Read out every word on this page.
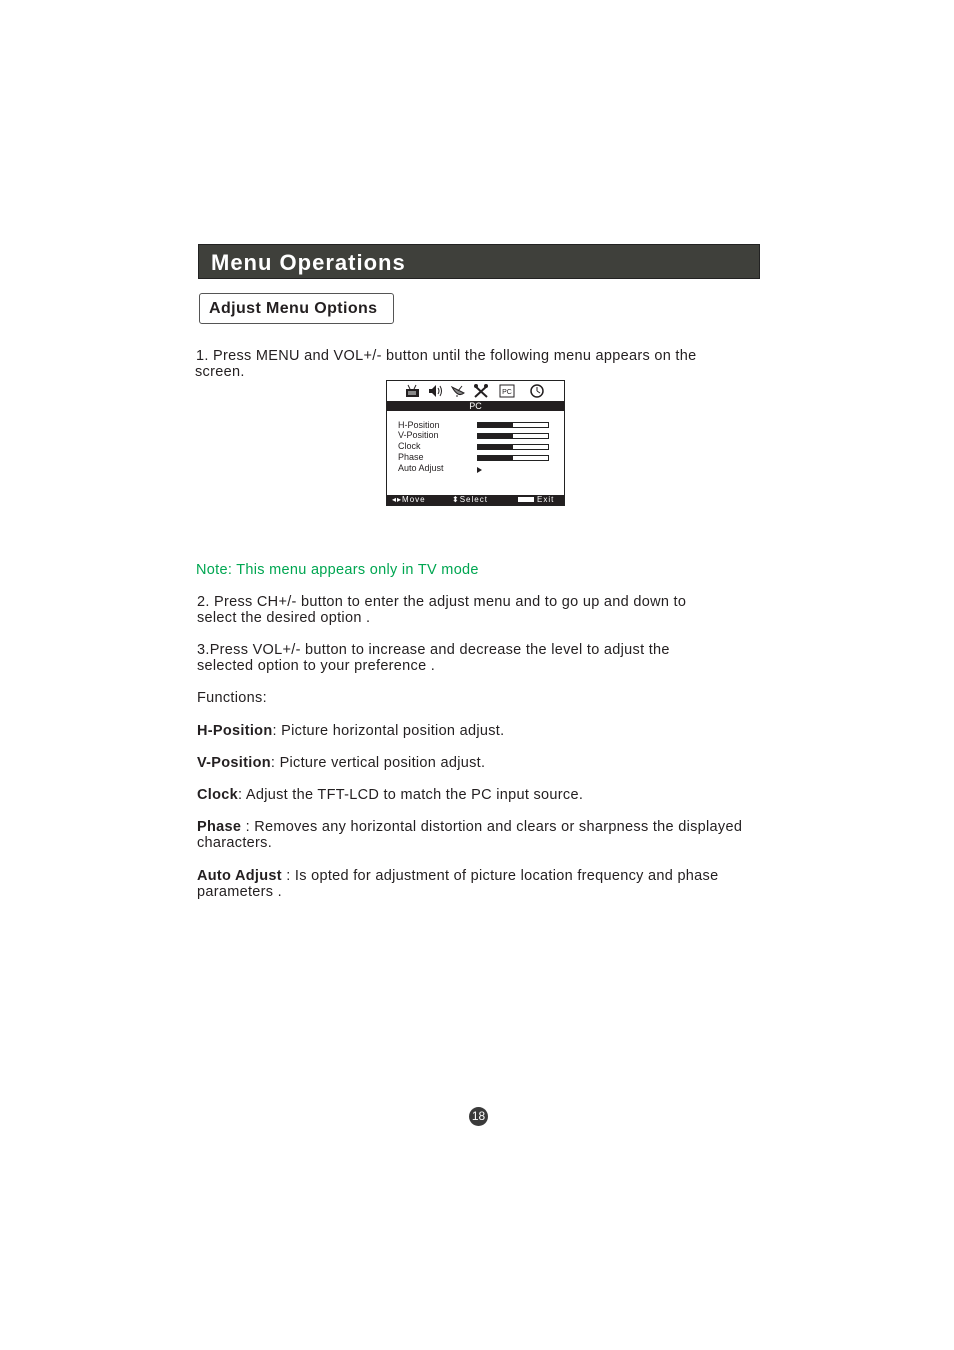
Menu Operations
Adjust Menu Options
1. Press MENU and VOL+/- button until the following menu appears on the
screen.
PC
PC
H-Position
V-Position
Clock
Phase
Auto Adjust
◂▸Move	⬍Select	Exit
Note: This menu appears only in TV mode
2. Press CH+/- button to enter the adjust menu and to go up and down to
select the desired option .
3.Press VOL+/- button to increase and decrease the level to adjust the
selected option to your preference .
Functions:
H-Position: Picture horizontal position adjust.
V-Position: Picture vertical position adjust.
Clock: Adjust the TFT-LCD to match the PC input source.
Phase : Removes any horizontal distortion and clears or sharpness the displayed
characters.
Auto Adjust : Is opted for adjustment of picture location frequency and phase
parameters .
18
